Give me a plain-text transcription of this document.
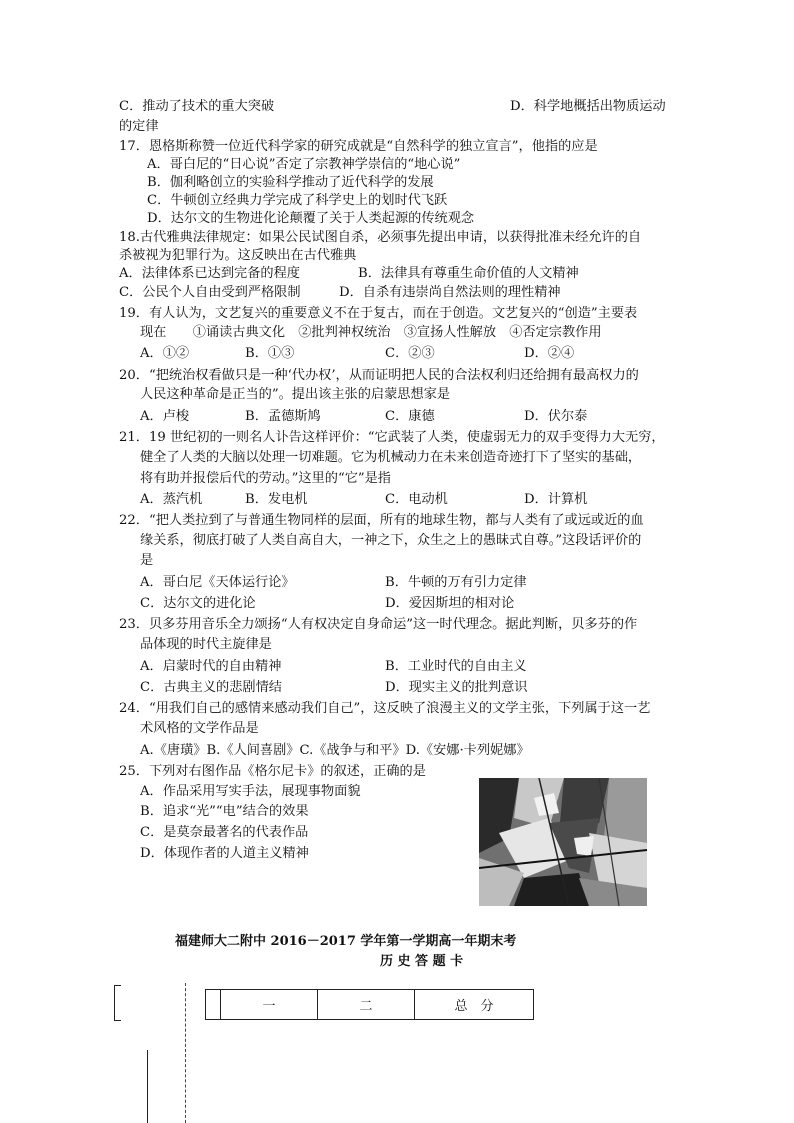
C．推动了技术的重大突破	D．科学地概括出物质运动
的定律
17．恩格斯称赞一位近代科学家的研究成就是“自然科学的独立宣言”，他指的应是
A．哥白尼的“日心说”否定了宗教神学崇信的“地心说”
B．伽利略创立的实验科学推动了近代科学的发展
C．牛顿创立经典力学完成了科学史上的划时代飞跃
D．达尔文的生物进化论颠覆了关于人类起源的传统观念
18.古代雅典法律规定：如果公民试图自杀，必须事先提出申请，以获得批准未经允许的自
杀被视为犯罪行为。这反映出在古代雅典
A．法律体系已达到完备的程度	B．法律具有尊重生命价值的人文精神
C．公民个人自由受到严格限制	D．自杀有违崇尚自然法则的理性精神
19．有人认为，文艺复兴的重要意义不在于复古，而在于创造。文艺复兴的“创造”主要表
现在　　①诵读古典文化　②批判神权统治　③宣扬人性解放　④否定宗教作用
A．①②	B．①③	C．②③	D．②④
20．“把统治权看做只是一种‘代办权’，从而证明把人民的合法权利归还给拥有最高权力的
人民这种革命是正当的”。提出该主张的启蒙思想家是
A．卢梭	B．孟德斯鸠	C．康德	D．伏尔泰
21．19 世纪初的一则名人讣告这样评价：“它武装了人类，使虚弱无力的双手变得力大无穷，
健全了人类的大脑以处理一切难题。它为机械动力在未来创造奇迹打下了坚实的基础，
将有助并报偿后代的劳动。”这里的“它”是指
A．蒸汽机	B．发电机	C．电动机	D．计算机
22．“把人类拉到了与普通生物同样的层面，所有的地球生物，都与人类有了或远或近的血
缘关系，彻底打破了人类自高自大，一神之下，众生之上的愚昧式自尊。”这段话评价的
是
A．哥白尼《天体运行论》	B．牛顿的万有引力定律
C．达尔文的进化论	D．爱因斯坦的相对论
23．贝多芬用音乐全力颂扬“人有权决定自身命运”这一时代理念。据此判断，贝多芬的作
品体现的时代主旋律是
A．启蒙时代的自由精神	B．工业时代的自由主义
C．古典主义的悲剧情结	D．现实主义的批判意识
24．“用我们自己的感情来感动我们自己”，这反映了浪漫主义的文学主张，下列属于这一艺
术风格的文学作品是
A.《唐璜》B.《人间喜剧》C.《战争与和平》D.《安娜·卡列妮娜》
25．下列对右图作品《格尔尼卡》的叙述，正确的是
A．作品采用写实手法，展现事物面貌
B．追求“光”“电”结合的效果
C．是莫奈最著名的代表作品
D．体现作者的人道主义精神
福建师大二附中 2016－2017 学年第一学期高一年期末考
历 史 答 题 卡
	一	二	总　分
